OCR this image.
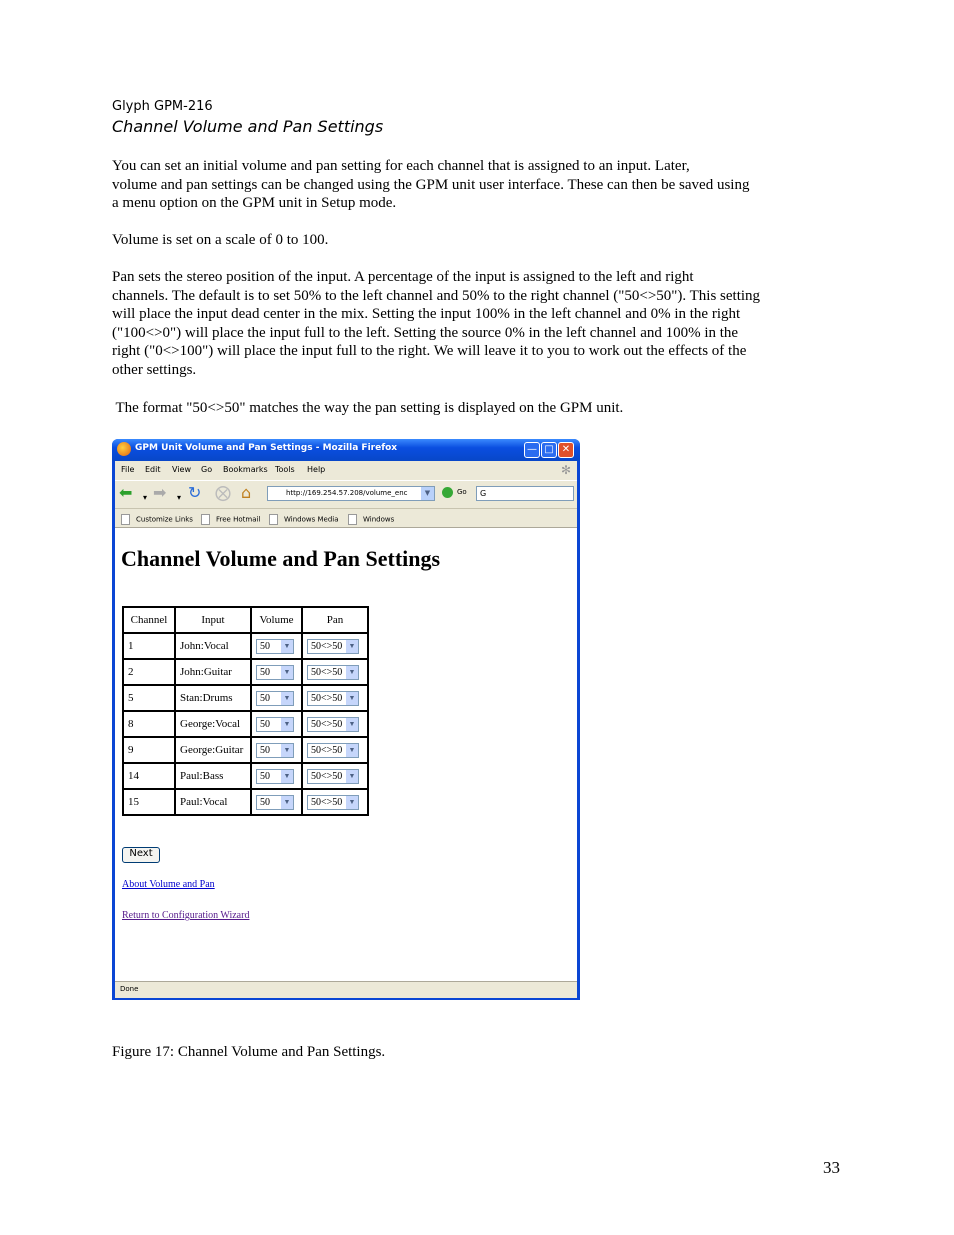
Glyph GPM-216
Channel Volume and Pan Settings
You can set an initial volume and pan setting for each channel that is assigned to an input. Later,
volume and pan settings can be changed using the GPM unit user interface. These can then be saved using
a menu option on the GPM unit in Setup mode.
Volume is set on a scale of 0 to 100.
Pan sets the stereo position of the input. A percentage of the input is assigned to the left and right
channels. The default is to set 50% to the left channel and 50% to the right channel ("50<>50"). This setting
will place the input dead center in the mix. Setting the input 100% in the left channel and 0% in the right
("100<>0") will place the input full to the left. Setting the source 0% in the left channel and 100% in the
right ("0<>100") will place the input full to the right. We will leave it to you to work out the effects of the
other settings.
The format "50<>50" matches the way the pan setting is displayed on the GPM unit.
GPM Unit Volume and Pan Settings - Mozilla Firefox	— □ ✕
File Edit View Go Bookmarks Tools Help	✻
⬅ ▾ ➡ ▾ ↻ ⨂ ⌂	http://169.254.57.208/volume_enc	▼	Go	G
Customize Links	Free Hotmail	Windows Media	Windows
Channel Volume and Pan Settings
Channel	Input	Volume	Pan
1	John:Vocal	50 ▼	50<>50 ▼

2	John:Guitar	50 ▼	50<>50 ▼

5	Stan:Drums	50 ▼	50<>50 ▼

8	George:Vocal	50 ▼	50<>50 ▼

9	George:Guitar	50 ▼	50<>50 ▼

14	Paul:Bass	50 ▼	50<>50 ▼

15	Paul:Vocal	50 ▼	50<>50 ▼
Next
About Volume and Pan
Return to Configuration Wizard
Done
Figure 17: Channel Volume and Pan Settings.
33
